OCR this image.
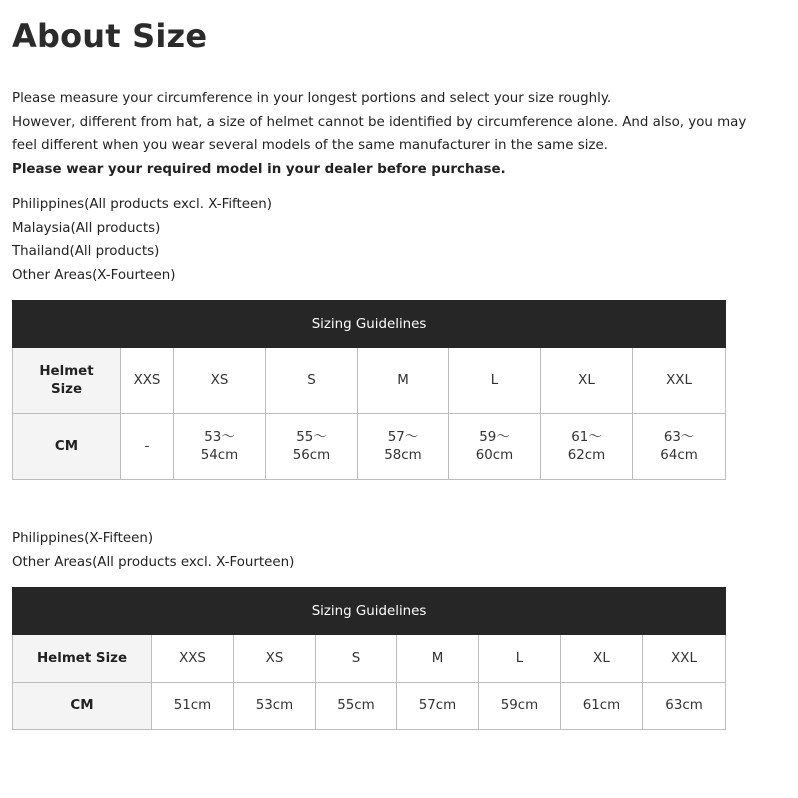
About Size

Please measure your circumference in your longest portions and select your size roughly.

However, different from hat, a size of helmet cannot be identified by circumference alone. And also, you may feel different when you wear several models of the same manufacturer in the same size.

Please wear your required model in your dealer before purchase.

Philippines(All products excl. X-Fifteen)
Malaysia(All products)
Thailand(All products)
Other Areas(X-Fourteen)
Sizing Guidelines							
Helmet Size	XXS	XS	S	M	L	XL	XXL
CM	-	53～ 54cm	55～ 56cm	57～ 58cm	59～ 60cm	61～ 62cm	63～ 64cm
Philippines(X-Fifteen)
Other Areas(All products excl. X-Fourteen)
Sizing Guidelines							
Helmet Size	XXS	XS	S	M	L	XL	XXL
CM	51cm	53cm	55cm	57cm	59cm	61cm	63cm
